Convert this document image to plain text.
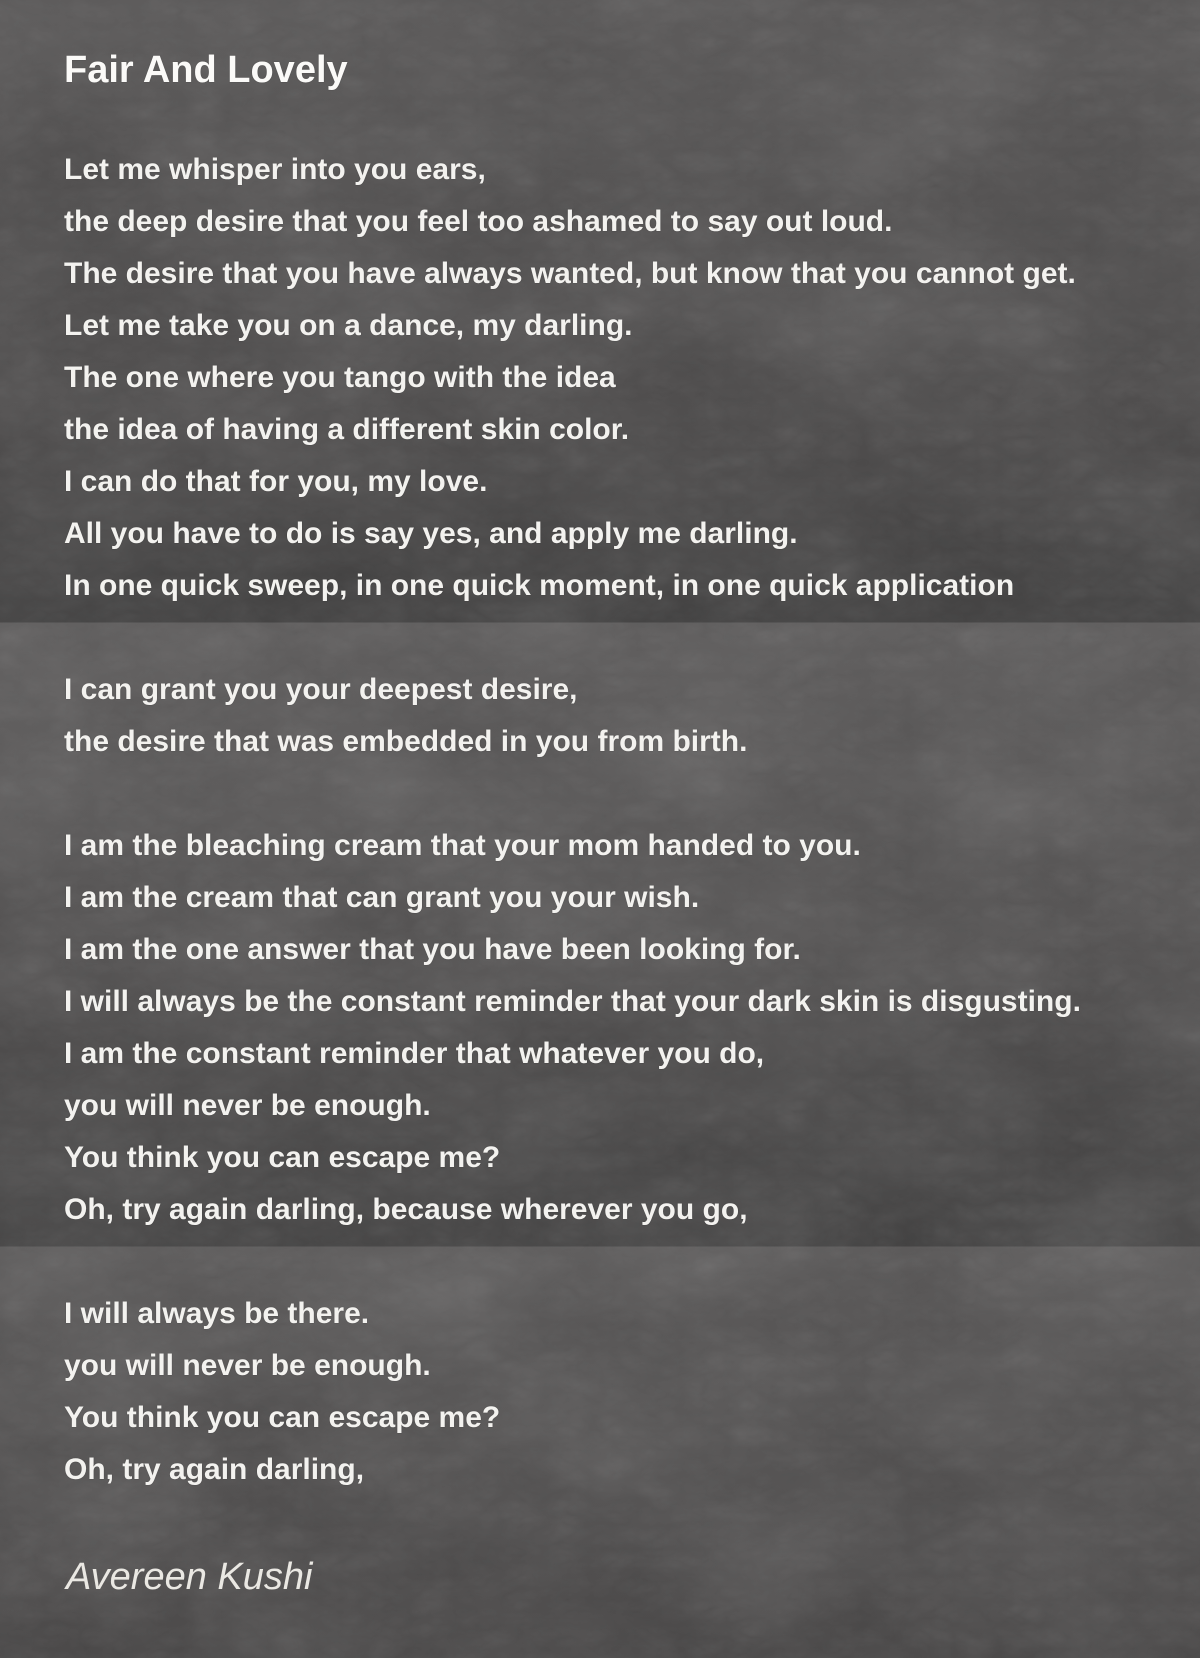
Fair And Lovely
Let me whisper into you ears,
the deep desire that you feel too ashamed to say out loud.
The desire that you have always wanted, but know that you cannot get.
Let me take you on a dance, my darling.
The one where you tango with the idea
the idea of having a different skin color.
I can do that for you, my love.
All you have to do is say yes, and apply me darling.
In one quick sweep, in one quick moment, in one quick application
I can grant you your deepest desire,
the desire that was embedded in you from birth.
I am the bleaching cream that your mom handed to you.
I am the cream that can grant you your wish.
I am the one answer that you have been looking for.
I will always be the constant reminder that your dark skin is disgusting.
I am the constant reminder that whatever you do,
you will never be enough.
You think you can escape me?
Oh, try again darling, because wherever you go,
I will always be there.
you will never be enough.
You think you can escape me?
Oh, try again darling,
Avereen Kushi
